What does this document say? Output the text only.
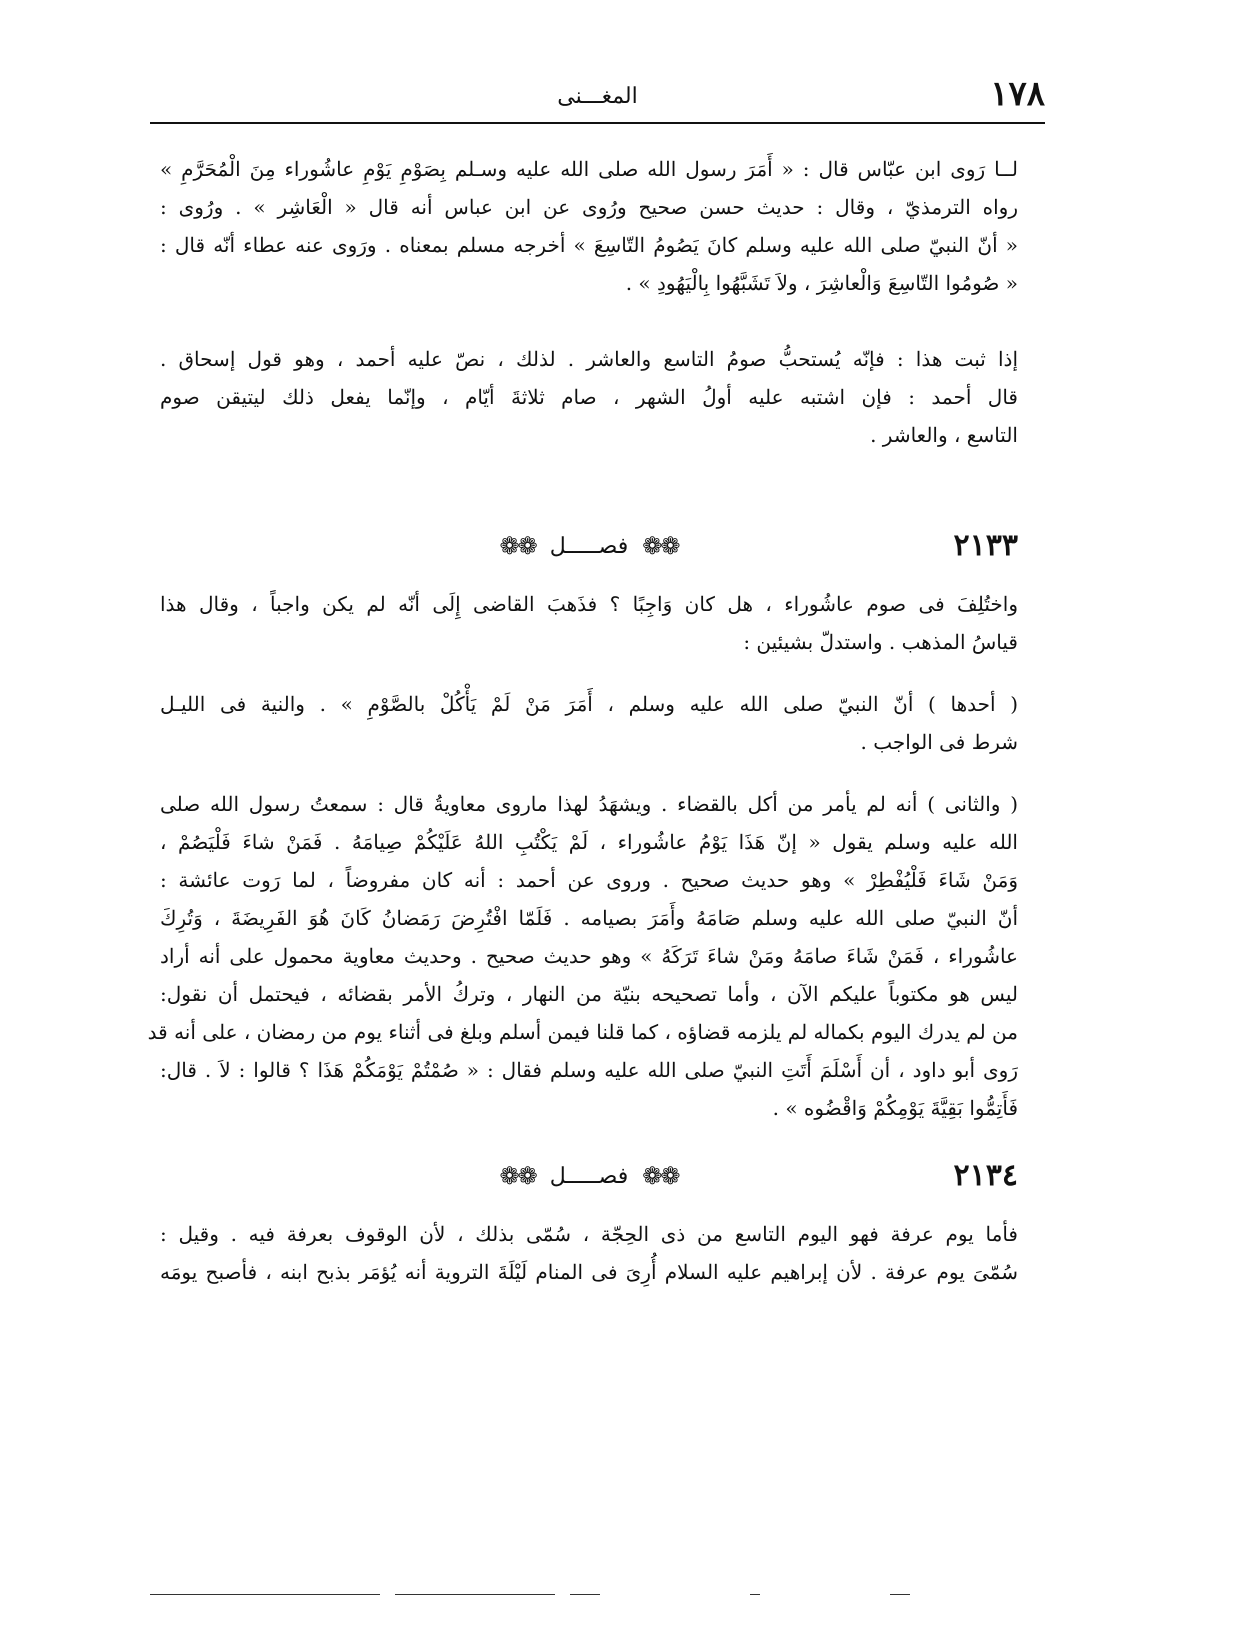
١٧٨
المغـــنى
لــا رَوى ابن عبّاس قال : « أَمَرَ رسول الله صلى الله عليه وسـلم بِصَوْمِ يَوْمِ عاشُوراء مِنَ الْمُحَرَّمِ »
رواه الترمذيّ ، وقال : حديث حسن صحيح ورُوى عن ابن عباس أنه قال « الْعَاشِر » . ورُوى :
« أنّ النبيّ صلى الله عليه وسلم كانَ يَصُومُ التّاسِعَ » أخرجه مسلم بمعناه . ورَوى عنه عطاء أنّه قال :
« صُومُوا التّاسِعَ وَالْعاشِرَ ، ولاَ تَشَبَّهُوا بِالْيَهُودِ » .
إذا ثبت هذا : فإنّه يُستحبُّ صومُ التاسع والعاشر . لذلك ، نصّ عليه أحمد ، وهو قول إسحاق .
قال أحمد : فإن اشتبه عليه أولُ الشهر ، صام ثلاثةَ أيّام ، وإنّما يفعل ذلك ليتيقن صوم
التاسع ، والعاشر .
٢١٣٣
❁❁
فصـــــل
❁❁
واختُلِفَ فى صوم عاشُوراء ، هل كان وَاجِبًا ؟ فذَهبَ القاضى إِلَى أنّه لم يكن واجباً ، وقال هذا
قياسُ المذهب . واستدلّ بشيئين :
( أحدها ) أنّ النبيّ صلى الله عليه وسلم ، أَمَرَ مَنْ لَمْ يَأْكُلْ بالصَّوْمِ » . والنية فى الليـل
شرط فى الواجب .
( والثانى ) أنه لم يأمر من أكل بالقضاء . ويشهَدُ لهذا ماروى معاويةُ قال : سمعتُ رسول الله صلى
الله عليه وسلم يقول « إنّ هَذَا يَوْمُ عاشُوراء ، لَمْ يَكْتُبِ اللهُ عَلَيْكُمْ صِيامَهُ . فَمَنْ شاءَ فَلْيَصُمْ ،
وَمَنْ شَاءَ فَلْيُفْطِرْ » وهو حديث صحيح . وروى عن أحمد : أنه كان مفروضاً ، لما رَوت عائشة :
أنّ النبيّ صلى الله عليه وسلم صَامَهُ وأَمَرَ بصيامه . فَلَمّا افْتُرِضَ رَمَضانُ كَانَ هُوَ الفَرِيضَةَ ، وَتُرِكَ
عاشُوراء ، فَمَنْ شَاءَ صامَهُ ومَنْ شاءَ تَرَكَهُ » وهو حديث صحيح . وحديث معاوية محمول على أنه أراد
ليس هو مكتوباً عليكم الآن ، وأما تصحيحه بنيّة من النهار ، وتركُ الأمر بقضائه ، فيحتمل أن نقول:
من لم يدرك اليوم بكماله لم يلزمه قضاؤه ، كما قلنا فيمن أسلم وبلغ فى أثناء يوم من رمضان ، على أنه قد
رَوى أبو داود ، أن أَسْلَمَ أَتَتِ النبيّ صلى الله عليه وسلم فقال : « صُمْتُمْ يَوْمَكُمْ هَذَا ؟ قالوا : لاَ . قال:
فَأَتِمُّوا بَقِيَّةَ يَوْمِكُمْ وَاقْضُوه » .
٢١٣٤
❁❁
فصـــــل
❁❁
فأما يوم عرفة فهو اليوم التاسع من ذى الحِجّة ، سُمّى بذلك ، لأن الوقوف بعرفة فيه . وقيل :
سُمّىَ يوم عرفة . لأن إبراهيم عليه السلام أُرِىَ فى المنام لَيْلَةَ التروية أنه يُؤمَر بذبح ابنه ، فأصبح يومَه
